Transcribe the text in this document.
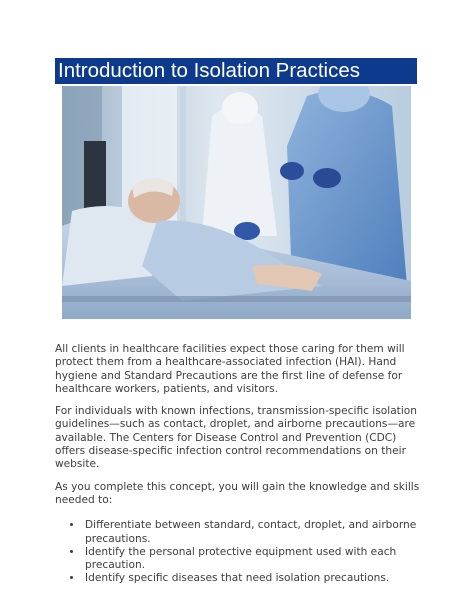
Introduction to Isolation Practices

All clients in healthcare facilities expect those caring for them will protect them from a healthcare-associated infection (HAI). Hand hygiene and Standard Precautions are the first line of defense for healthcare workers, patients, and visitors.

For individuals with known infections, transmission-specific isolation guidelines—such as contact, droplet, and airborne precautions—are available. The Centers for Disease Control and Prevention (CDC) offers disease-specific infection control recommendations on their website.

As you complete this concept, you will gain the knowledge and skills needed to:

• Differentiate between standard, contact, droplet, and airborne precautions.
• Identify the personal protective equipment used with each precaution.
• Identify specific diseases that need isolation precautions.
